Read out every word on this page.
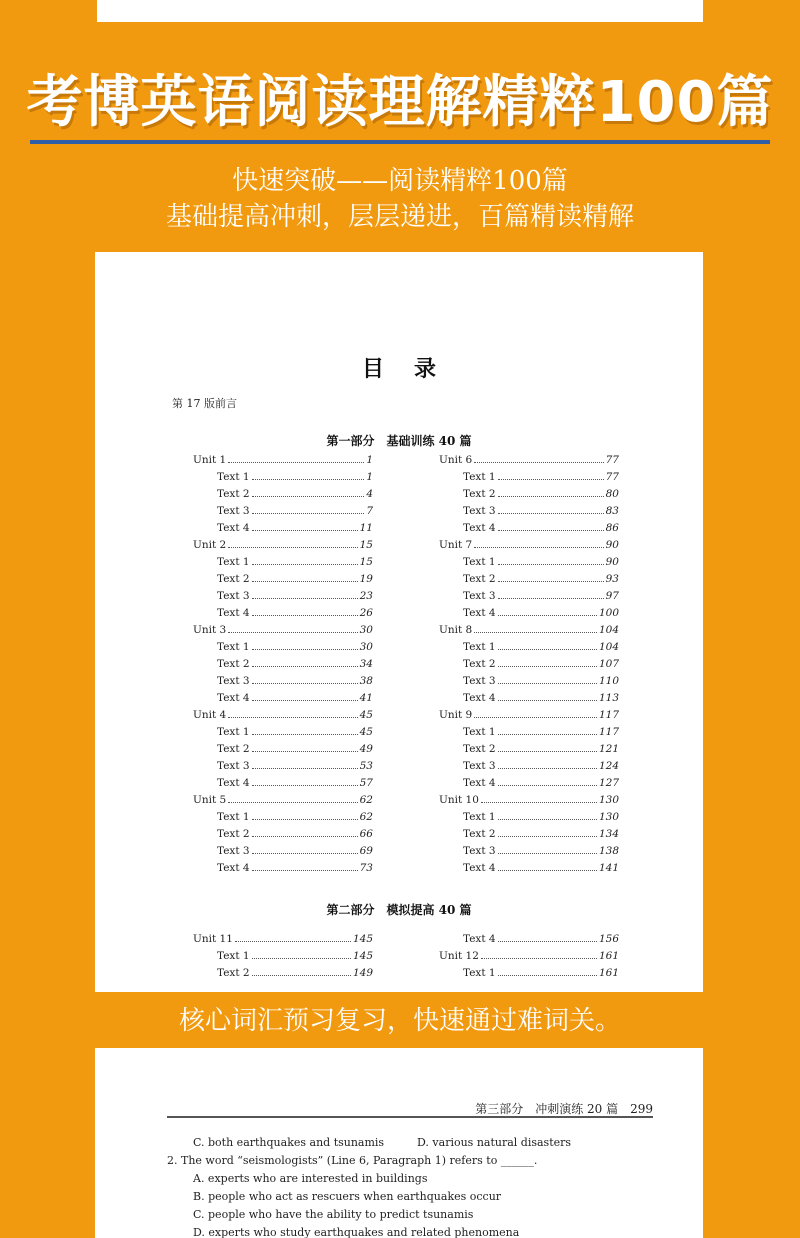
考博英语阅读理解精粹100篇
快速突破——阅读精粹100篇
基础提高冲刺，层层递进，百篇精读精解
目录
第 17 版前言
第一部分　基础训练 40 篇
Unit 1	1
Text 1	1
Text 2	4
Text 3	7
Text 4	11
Unit 2	15
Text 1	15
Text 2	19
Text 3	23
Text 4	26
Unit 3	30
Text 1	30
Text 2	34
Text 3	38
Text 4	41
Unit 4	45
Text 1	45
Text 2	49
Text 3	53
Text 4	57
Unit 5	62
Text 1	62
Text 2	66
Text 3	69
Text 4	73
Unit 6	77
Text 1	77
Text 2	80
Text 3	83
Text 4	86
Unit 7	90
Text 1	90
Text 2	93
Text 3	97
Text 4	100
Unit 8	104
Text 1	104
Text 2	107
Text 3	110
Text 4	113
Unit 9	117
Text 1	117
Text 2	121
Text 3	124
Text 4	127
Unit 10	130
Text 1	130
Text 2	134
Text 3	138
Text 4	141
第二部分　模拟提高 40 篇
Unit 11	145
Text 1	145
Text 2	149
Text 4	156
Unit 12	161
Text 1	161
核心词汇预习复习，快速通过难词关。
第三部分　冲刺演练 20 篇　299
C. both earthquakes and tsunamis	D. various natural disasters
2. The word “seismologists” (Line 6, Paragraph 1) refers to ______.
A. experts who are interested in buildings
B. people who act as rescuers when earthquakes occur
C. people who have the ability to predict tsunamis
D. experts who study earthquakes and related phenomena
